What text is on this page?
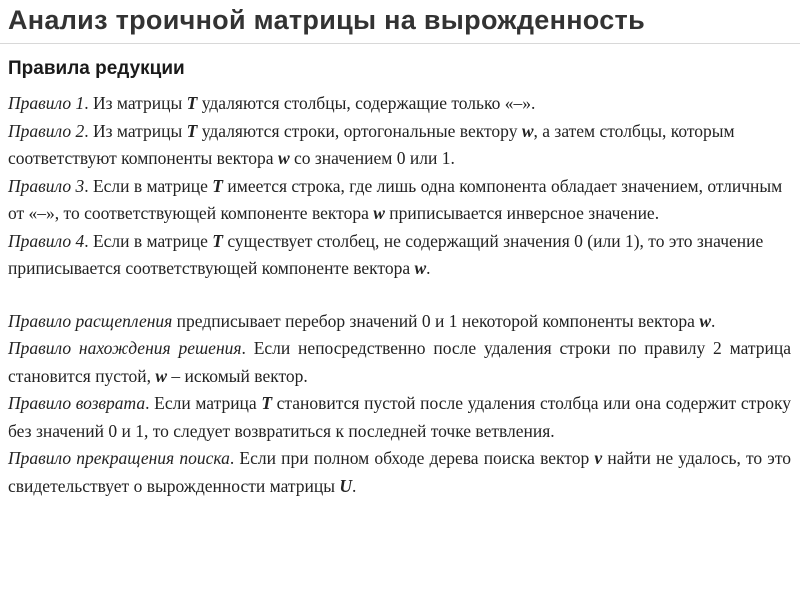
Анализ троичной матрицы на вырожденность
Правила редукции

Правило 1. Из матрицы T удаляются столбцы, содержащие только «–».

Правило 2. Из матрицы T удаляются строки, ортогональные вектору w, а затем столбцы, которым соответствуют компоненты вектора w со значением 0 или 1.

Правило 3. Если в матрице T имеется строка, где лишь одна компонента обладает значением, отличным от «–», то соответствующей компоненте вектора w приписывается инверсное значение.

Правило 4. Если в матрице T существует столбец, не содержащий значения 0 (или 1), то это значение приписывается соответствующей компоненте вектора w.

Правило расщепления предписывает перебор значений 0 и 1 некоторой компоненты вектора w.

Правило нахождения решения. Если непосредственно после удаления строки по правилу 2 матрица становится пустой, w – искомый вектор.

Правило возврата. Если матрица T становится пустой после удаления столбца или она содержит строку без значений 0 и 1, то следует возвратиться к последней точке ветвления.

Правило прекращения поиска. Если при полном обходе дерева поиска вектор v найти не удалось, то это свидетельствует о вырожденности матрицы U.
